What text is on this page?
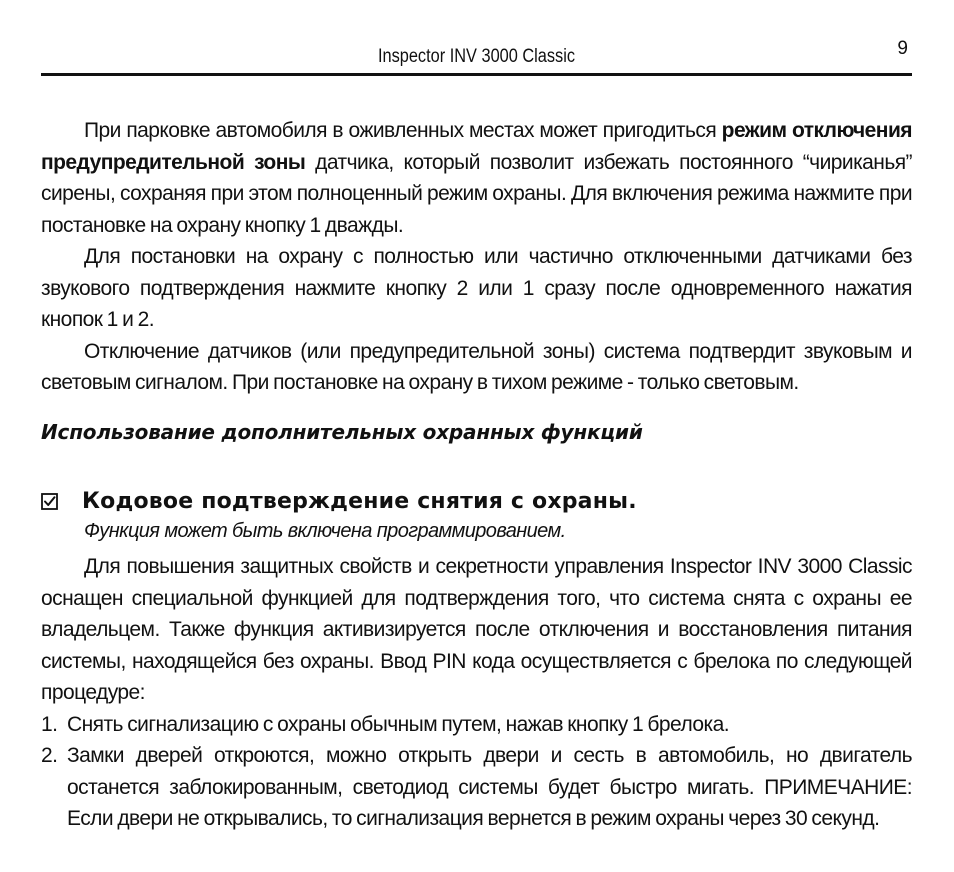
Inspector INV 3000 Classic	9

При парковке автомобиля в оживленных местах может пригодиться режим отключения предупредительной зоны датчика, который позволит избежать постоянного “чириканья” сирены, сохраняя при этом полноценный режим охраны. Для включения режима нажмите при постановке на охрану кнопку 1 дважды.

Для постановки на охрану с полностью или частично отключенными датчиками без звукового подтверждения нажмите кнопку 2 или 1 сразу после одновременного нажатия кнопок 1 и 2.

Отключение датчиков (или предупредительной зоны) система подтвердит звуковым и световым сигналом. При постановке на охрану в тихом режиме - только световым.

Использование дополнительных охранных функций
Кодовое подтверждение снятия с охраны.
Функция может быть включена программированием.

Для повышения защитных свойств и секретности управления Inspector INV 3000 Classic оснащен специальной функцией для подтверждения того, что система снята с охраны ее владельцем. Также функция активизируется после отключения и восстановления питания системы, находящейся без охраны. Ввод PIN кода осуществляется с брелока по следующей процедуре:

1. Снять сигнализацию с охраны обычным путем, нажав кнопку 1 брелока.
2. Замки дверей откроются, можно открыть двери и сесть в автомобиль, но двигатель останется заблокированным, светодиод системы будет быстро мигать. ПРИМЕЧАНИЕ: Если двери не открывались, то сигнализация вернется в режим охраны через 30 секунд.
